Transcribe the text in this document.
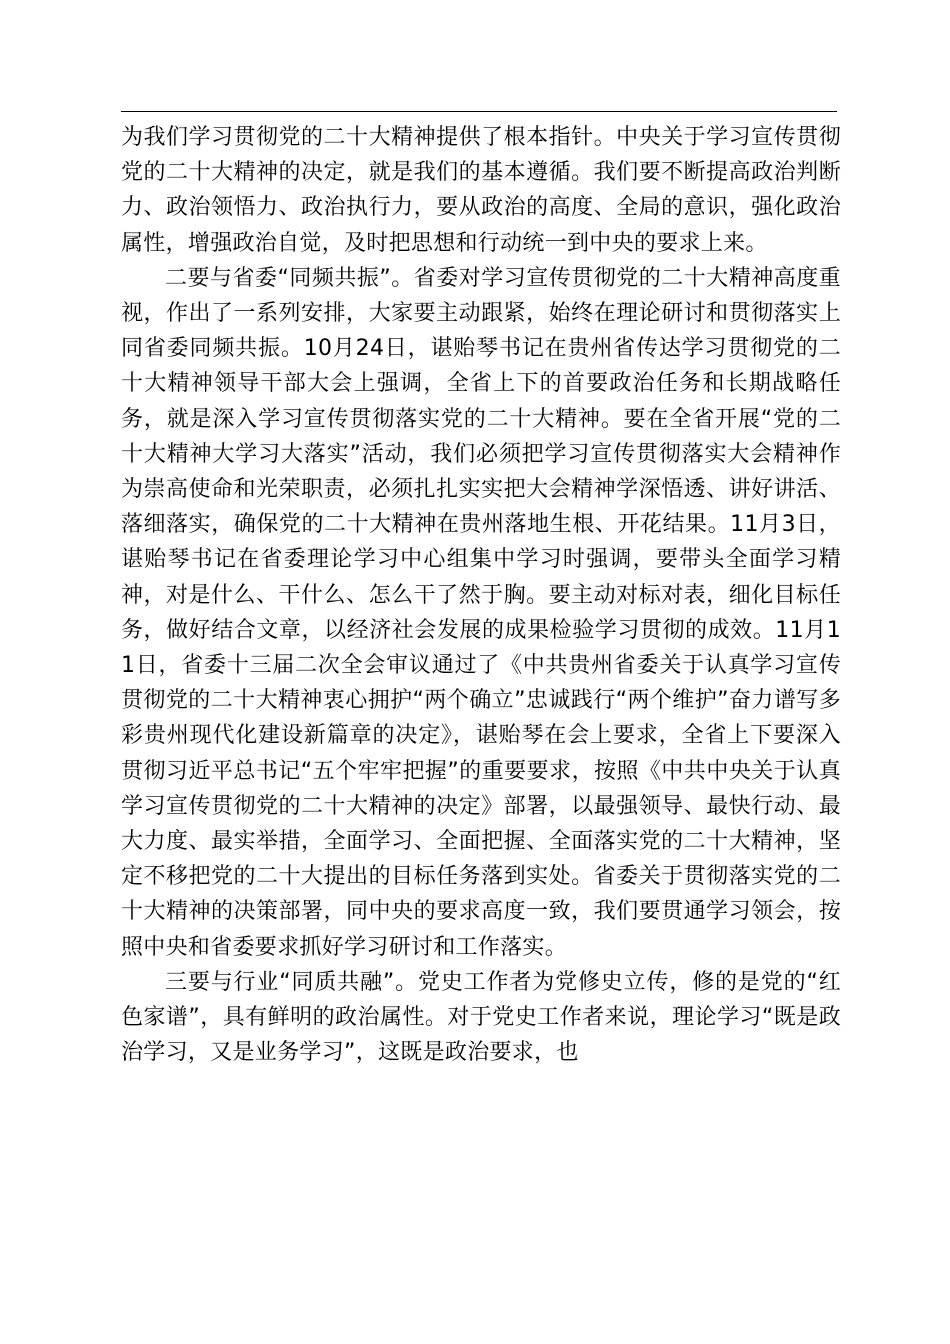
为我们学习贯彻党的二十大精神提供了根本指针。中央关于学习宣传贯彻党的二十大精神的决定，就是我们的基本遵循。我们要不断提高政治判断力、政治领悟力、政治执行力，要从政治的高度、全局的意识，强化政治属性，增强政治自觉，及时把思想和行动统一到中央的要求上来。

二要与省委“同频共振”。省委对学习宣传贯彻党的二十大精神高度重视，作出了一系列安排，大家要主动跟紧，始终在理论研讨和贯彻落实上同省委同频共振。10月24日，谌贻琴书记在贵州省传达学习贯彻党的二十大精神领导干部大会上强调，全省上下的首要政治任务和长期战略任务，就是深入学习宣传贯彻落实党的二十大精神。要在全省开展“党的二十大精神大学习大落实”活动，我们必须把学习宣传贯彻落实大会精神作为崇高使命和光荣职责，必须扎扎实实把大会精神学深悟透、讲好讲活、落细落实，确保党的二十大精神在贵州落地生根、开花结果。11月3日，谌贻琴书记在省委理论学习中心组集中学习时强调，要带头全面学习精神，对是什么、干什么、怎么干了然于胸。要主动对标对表，细化目标任务，做好结合文章，以经济社会发展的成果检验学习贯彻的成效。11月11日，省委十三届二次全会审议通过了《中共贵州省委关于认真学习宣传贯彻党的二十大精神衷心拥护“两个确立”忠诚践行“两个维护”奋力谱写多彩贵州现代化建设新篇章的决定》，谌贻琴在会上要求，全省上下要深入贯彻习近平总书记“五个牢牢把握”的重要要求，按照《中共中央关于认真学习宣传贯彻党的二十大精神的决定》部署，以最强领导、最快行动、最大力度、最实举措，全面学习、全面把握、全面落实党的二十大精神，坚定不移把党的二十大提出的目标任务落到实处。省委关于贯彻落实党的二十大精神的决策部署，同中央的要求高度一致，我们要贯通学习领会，按照中央和省委要求抓好学习研讨和工作落实。

三要与行业“同质共融”。党史工作者为党修史立传，修的是党的“红色家谱”，具有鲜明的政治属性。对于党史工作者来说，理论学习“既是政治学习，又是业务学习”，这既是政治要求，也
